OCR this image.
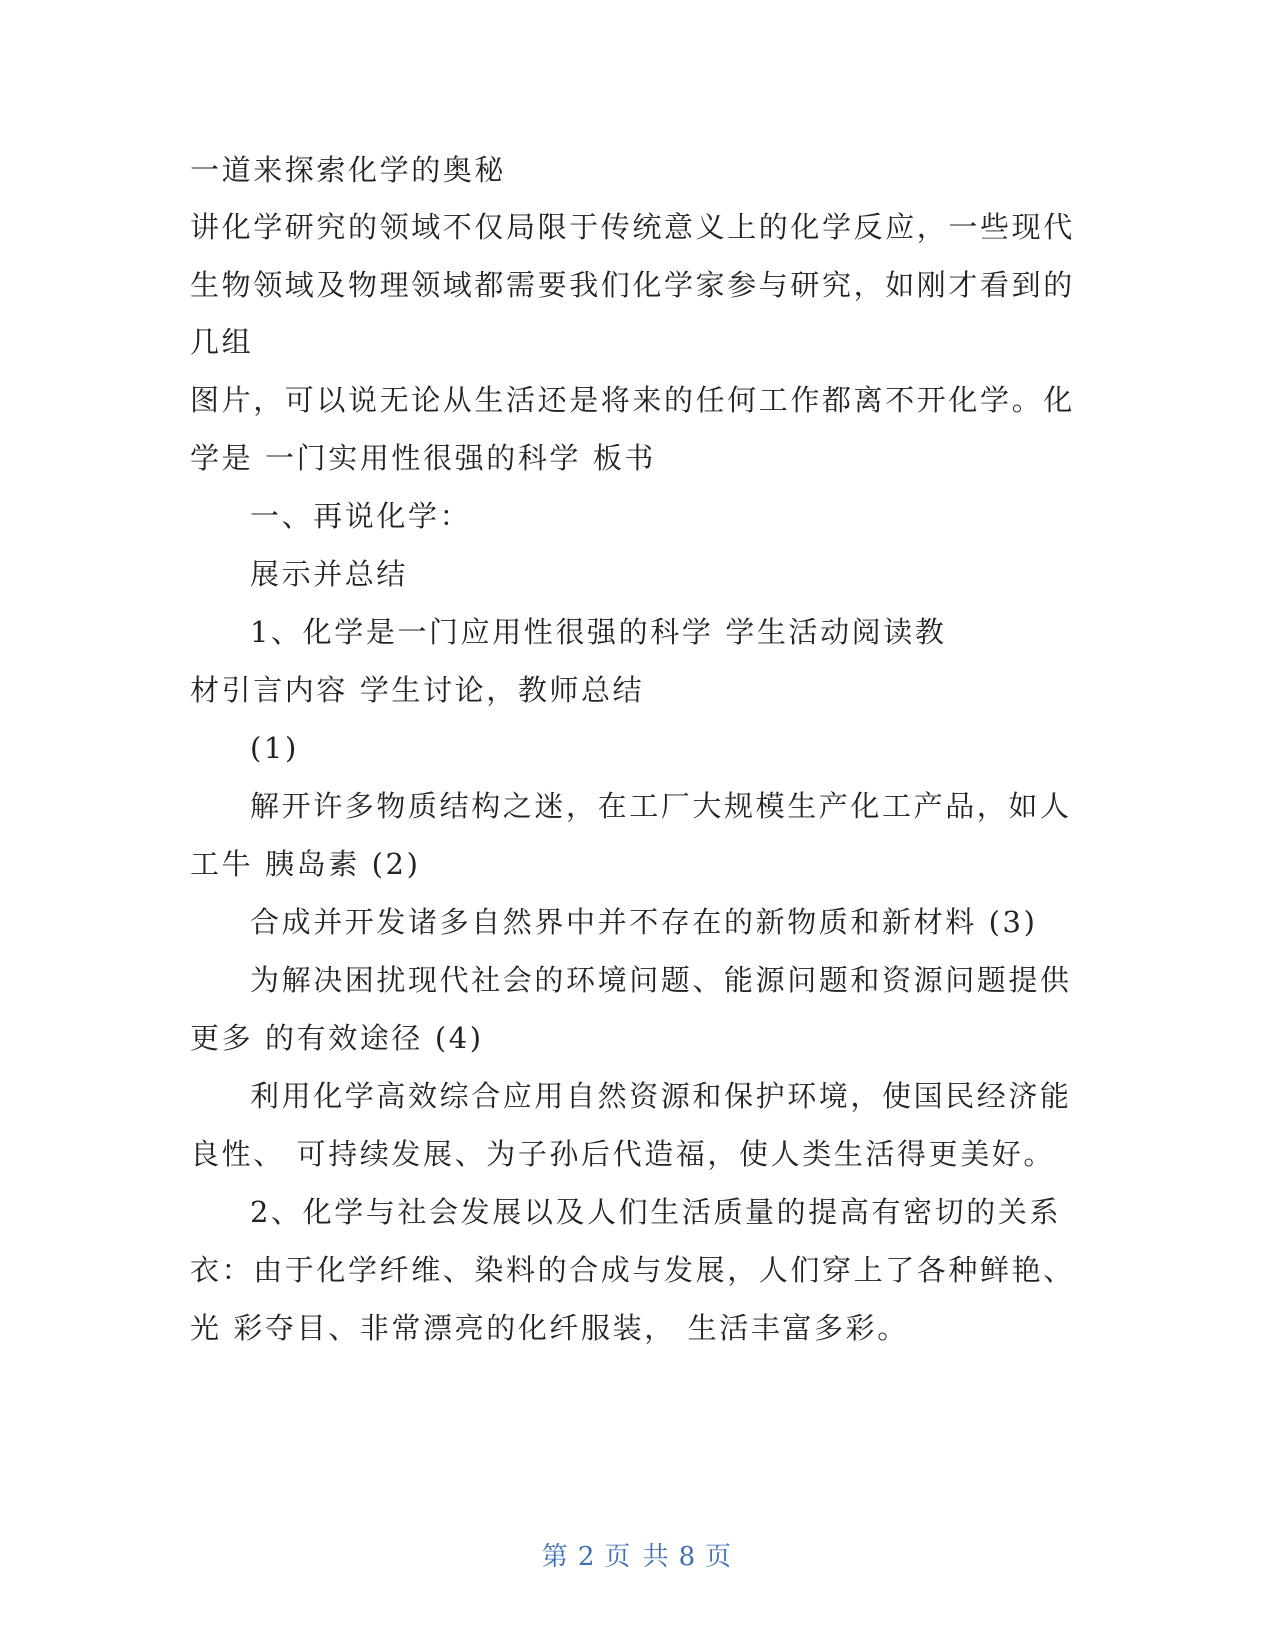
一道来探索化学的奥秘
讲化学研究的领域不仅局限于传统意义上的化学反应，一些现代
生物领域及物理领域都需要我们化学家参与研究，如刚才看到的
几组
图片，可以说无论从生活还是将来的任何工作都离不开化学。化
学是 一门实用性很强的科学 板书
一、再说化学：
展示并总结
1、化学是一门应用性很强的科学 学生活动阅读教
材引言内容 学生讨论，教师总结
(1)
解开许多物质结构之迷，在工厂大规模生产化工产品，如人
工牛 胰岛素 (2)
合成并开发诸多自然界中并不存在的新物质和新材料 (3)
为解决困扰现代社会的环境问题、能源问题和资源问题提供
更多 的有效途径 (4)
利用化学高效综合应用自然资源和保护环境，使国民经济能
良性、 可持续发展、为子孙后代造福，使人类生活得更美好。
2、化学与社会发展以及人们生活质量的提高有密切的关系
衣：由于化学纤维、染料的合成与发展，人们穿上了各种鲜艳、
光 彩夺目、非常漂亮的化纤服装， 生活丰富多彩。
第 2 页 共 8 页
